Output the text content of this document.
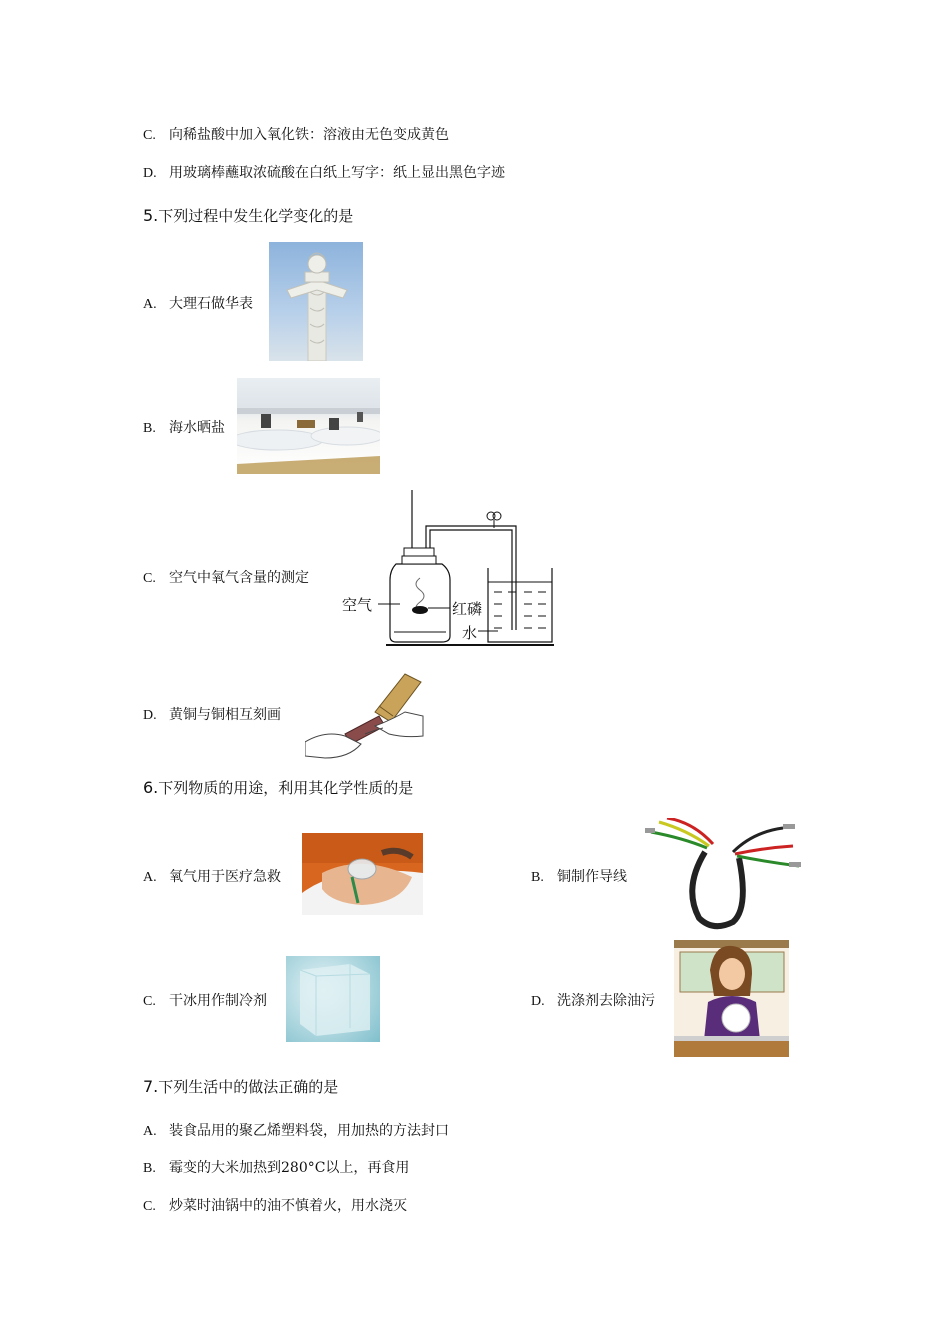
C. 向稀盐酸中加入氧化铁：溶液由无色变成黄色
D. 用玻璃棒蘸取浓硫酸在白纸上写字：纸上显出黑色字迹
5.下列过程中发生化学变化的是
A. 大理石做华表
B. 海水晒盐
C. 空气中氧气含量的测定
空气	红磷
水
D. 黄铜与铜相互刻画
6.下列物质的用途，利用其化学性质的是
A. 氧气用于医疗急救	B. 铜制作导线
C. 干冰用作制冷剂	D. 洗涤剂去除油污
7.下列生活中的做法正确的是
A. 装食品用的聚乙烯塑料袋，用加热的方法封口
B. 霉变的大米加热到280°C以上，再食用
C. 炒菜时油锅中的油不慎着火，用水浇灭
